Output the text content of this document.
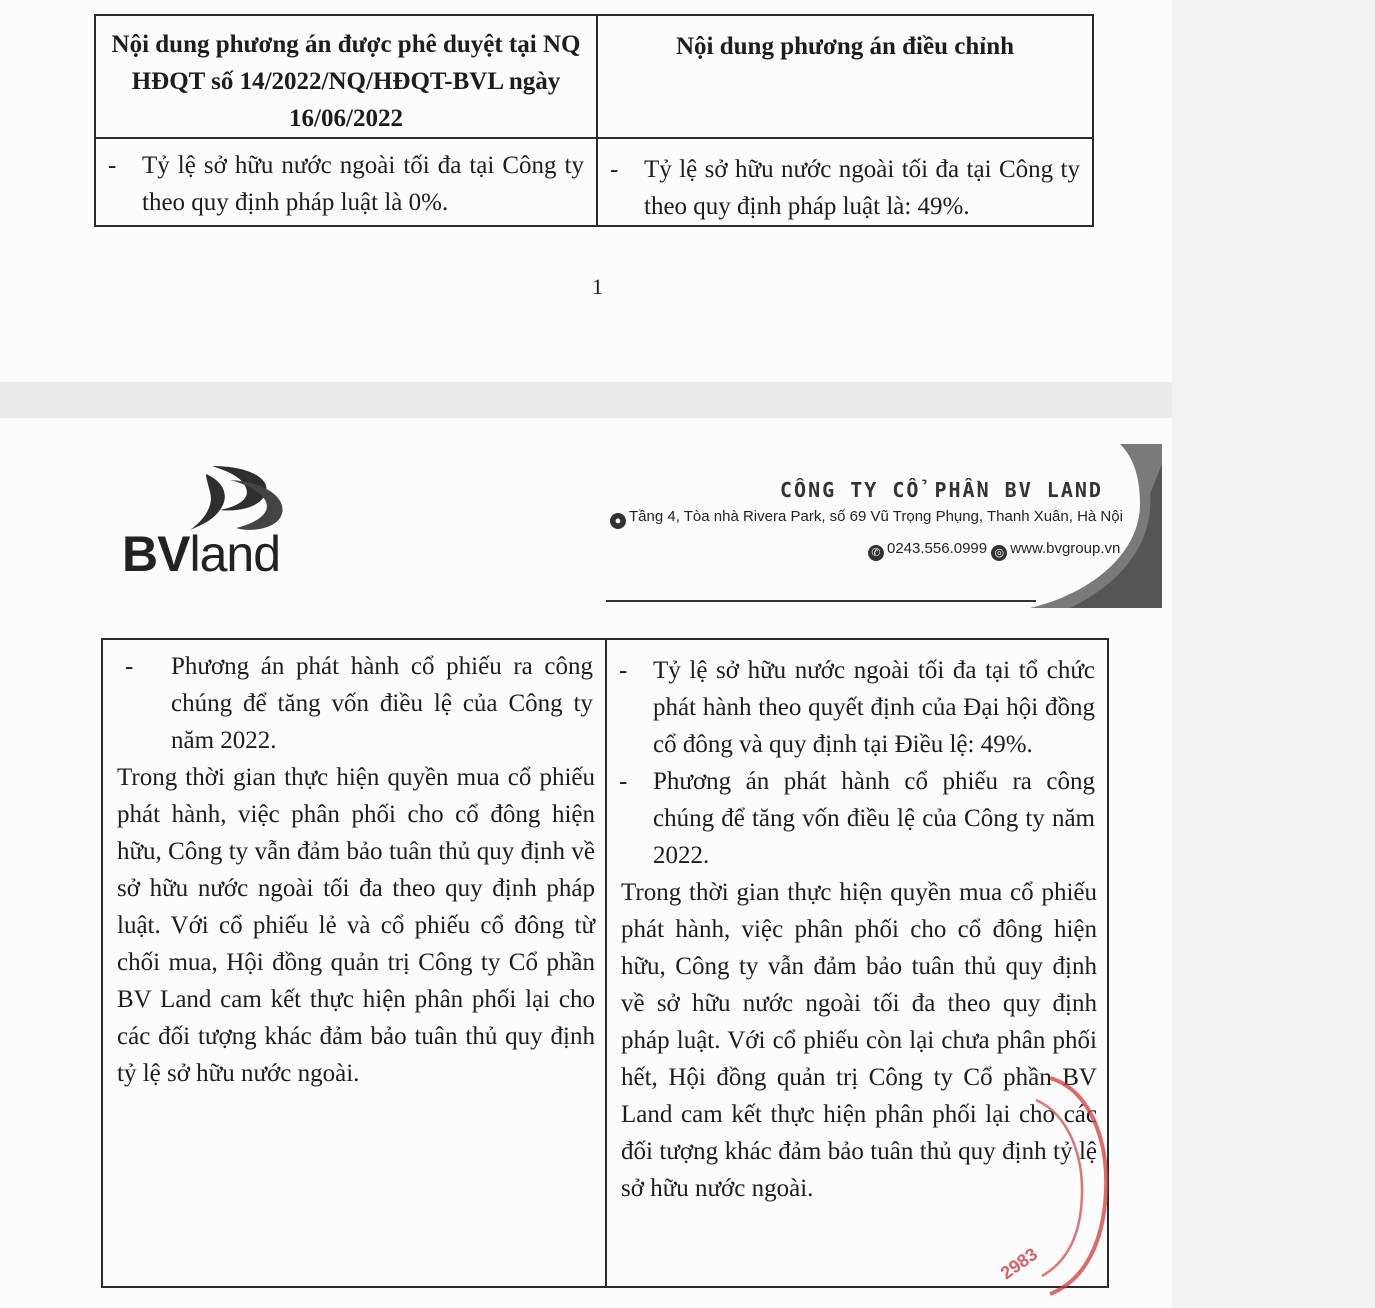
Nội dung phương án được phê duyệt tại NQ HĐQT số 14/2022/NQ/HĐQT-BVL ngày 16/06/2022	Nội dung phương án điều chỉnh

- Tỷ lệ sở hữu nước ngoài tối đa tại Công ty theo quy định pháp luật là 0%.	- Tỷ lệ sở hữu nước ngoài tối đa tại Công ty theo quy định pháp luật là: 49%.
1
BVland
CÔNG TY CỔ PHẦN BV LAND
● Tầng 4, Tòa nhà Rivera Park, số 69 Vũ Trọng Phụng, Thanh Xuân, Hà Nội
✆ 0243.556.0999 ◎ www.bvgroup.vn
-	Phương án phát hành cổ phiếu ra công chúng để tăng vốn điều lệ của Công ty năm 2022.
Trong thời gian thực hiện quyền mua cổ phiếu phát hành, việc phân phối cho cổ đông hiện hữu, Công ty vẫn đảm bảo tuân thủ quy định về sở hữu nước ngoài tối đa theo quy định pháp luật. Với cổ phiếu lẻ và cổ phiếu cổ đông từ chối mua, Hội đồng quản trị Công ty Cổ phần BV Land cam kết thực hiện phân phối lại cho các đối tượng khác đảm bảo tuân thủ quy định tỷ lệ sở hữu nước ngoài.

-	Tỷ lệ sở hữu nước ngoài tối đa tại tổ chức phát hành theo quyết định của Đại hội đồng cổ đông và quy định tại Điều lệ: 49%.
-	Phương án phát hành cổ phiếu ra công chúng để tăng vốn điều lệ của Công ty năm 2022.
Trong thời gian thực hiện quyền mua cổ phiếu phát hành, việc phân phối cho cổ đông hiện hữu, Công ty vẫn đảm bảo tuân thủ quy định về sở hữu nước ngoài tối đa theo quy định pháp luật. Với cổ phiếu còn lại chưa phân phối hết, Hội đồng quản trị Công ty Cổ phần BV Land cam kết thực hiện phân phối lại cho các đối tượng khác đảm bảo tuân thủ quy định tỷ lệ sở hữu nước ngoài.
2983
